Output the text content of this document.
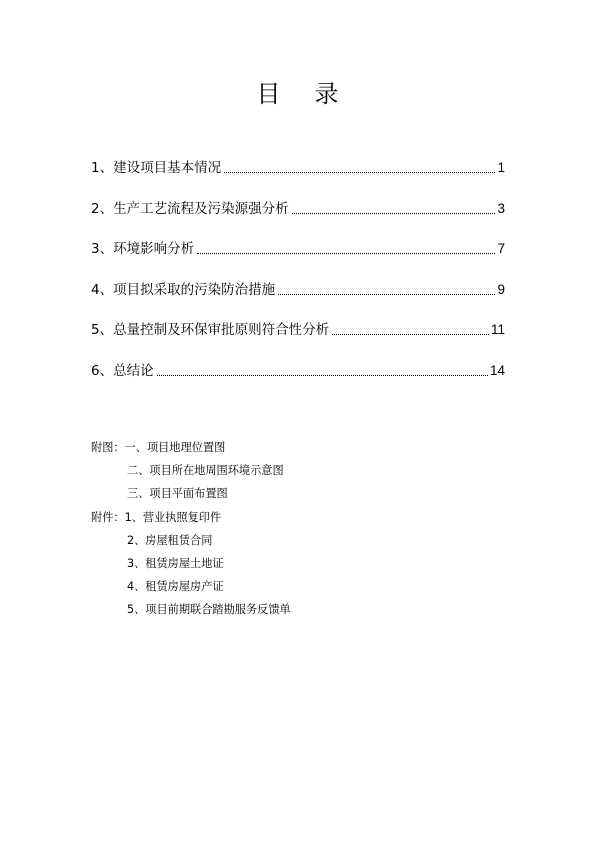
目 录
1、建设项目基本情况	1
2、生产工艺流程及污染源强分析	3
3、环境影响分析	7
4、项目拟采取的污染防治措施	9
5、总量控制及环保审批原则符合性分析	11
6、总结论	14
附图：一、项目地理位置图
二、项目所在地周围环境示意图
三、项目平面布置图
附件：1、营业执照复印件
2、房屋租赁合同
3、租赁房屋土地证
4、租赁房屋房产证
5、项目前期联合踏勘服务反馈单
